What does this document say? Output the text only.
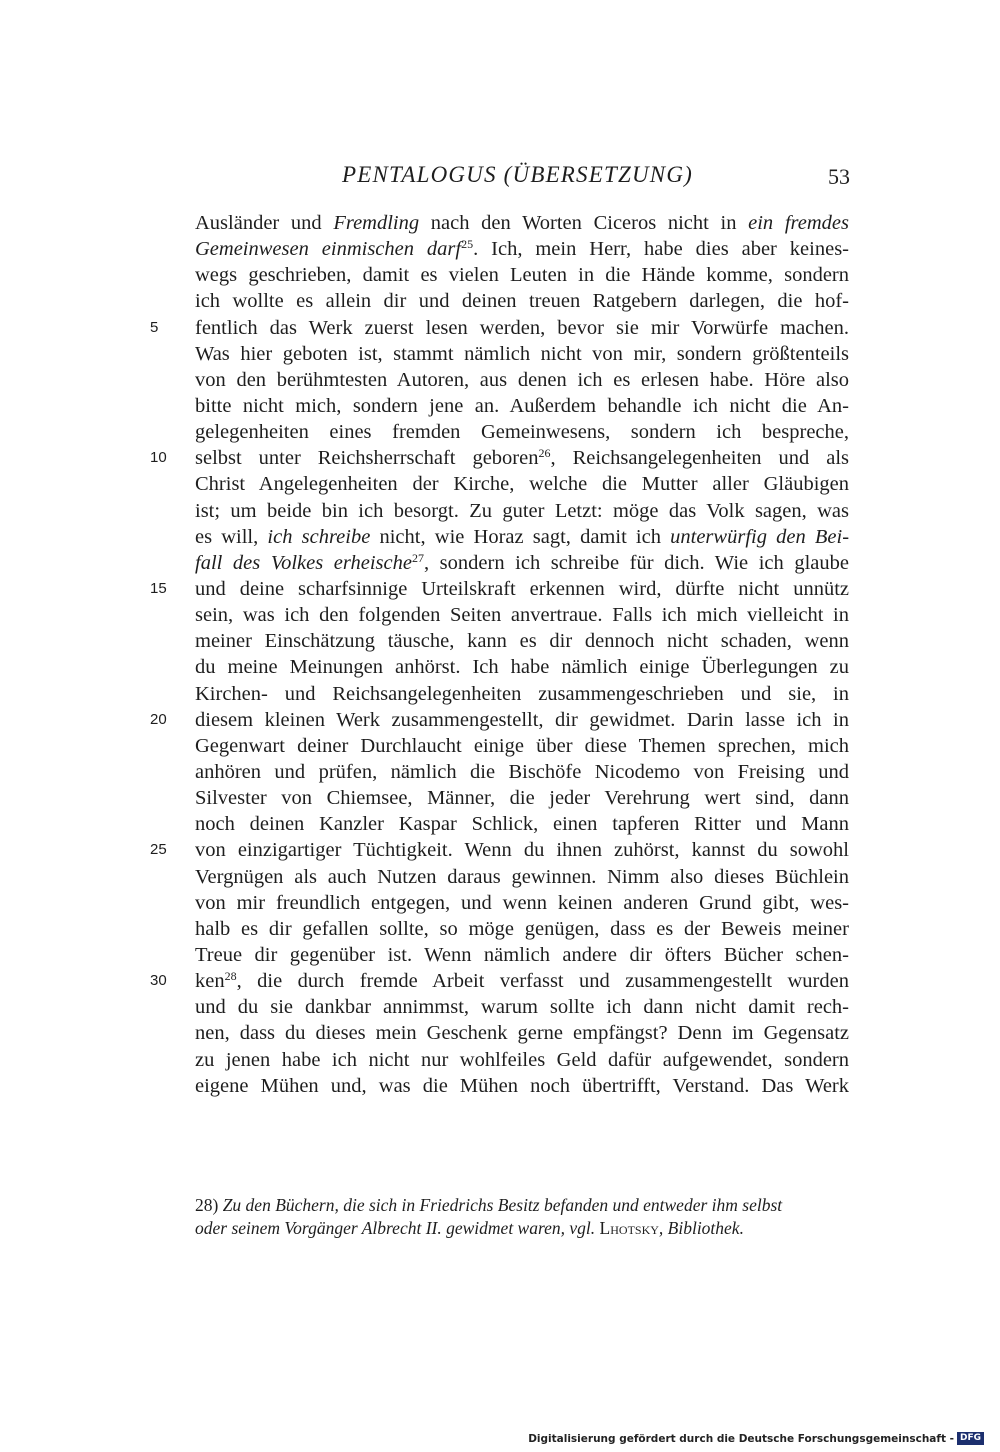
PENTALOGUS (ÜBERSETZUNG)	53
Ausländer und Fremdling nach den Worten Ciceros nicht in ein fremdes
Gemeinwesen einmischen darf$^{25}$. Ich, mein Herr, habe dies aber keines-
wegs geschrieben, damit es vielen Leuten in die Hände komme, sondern
ich wollte es allein dir und deinen treuen Ratgebern darlegen, die hof-
5	fentlich das Werk zuerst lesen werden, bevor sie mir Vorwürfe machen.
Was hier geboten ist, stammt nämlich nicht von mir, sondern größtenteils
von den berühmtesten Autoren, aus denen ich es erlesen habe. Höre also
bitte nicht mich, sondern jene an. Außerdem behandle ich nicht die An-
gelegenheiten eines fremden Gemeinwesens, sondern ich bespreche,
10	selbst unter Reichsherrschaft geboren$^{26}$, Reichsangelegenheiten und als
Christ Angelegenheiten der Kirche, welche die Mutter aller Gläubigen
ist; um beide bin ich besorgt. Zu guter Letzt: möge das Volk sagen, was
es will, ich schreibe nicht, wie Horaz sagt, damit ich unterwürfig den Bei-
fall des Volkes erheische$^{27}$, sondern ich schreibe für dich. Wie ich glaube
15	und deine scharfsinnige Urteilskraft erkennen wird, dürfte nicht unnütz
sein, was ich den folgenden Seiten anvertraue. Falls ich mich vielleicht in
meiner Einschätzung täusche, kann es dir dennoch nicht schaden, wenn
du meine Meinungen anhörst. Ich habe nämlich einige Überlegungen zu
Kirchen- und Reichsangelegenheiten zusammengeschrieben und sie, in
20	diesem kleinen Werk zusammengestellt, dir gewidmet. Darin lasse ich in
Gegenwart deiner Durchlaucht einige über diese Themen sprechen, mich
anhören und prüfen, nämlich die Bischöfe Nicodemo von Freising und
Silvester von Chiemsee, Männer, die jeder Verehrung wert sind, dann
noch deinen Kanzler Kaspar Schlick, einen tapferen Ritter und Mann
25	von einzigartiger Tüchtigkeit. Wenn du ihnen zuhörst, kannst du sowohl
Vergnügen als auch Nutzen daraus gewinnen. Nimm also dieses Büchlein
von mir freundlich entgegen, und wenn keinen anderen Grund gibt, wes-
halb es dir gefallen sollte, so möge genügen, dass es der Beweis meiner
Treue dir gegenüber ist. Wenn nämlich andere dir öfters Bücher schen-
30	ken$^{28}$, die durch fremde Arbeit verfasst und zusammengestellt wurden
und du sie dankbar annimmst, warum sollte ich dann nicht damit rech-
nen, dass du dieses mein Geschenk gerne empfängst? Denn im Gegensatz
zu jenen habe ich nicht nur wohlfeiles Geld dafür aufgewendet, sondern
eigene Mühen und, was die Mühen noch übertrifft, Verstand. Das Werk
28) Zu den Büchern, die sich in Friedrichs Besitz befanden und entweder ihm selbst
oder seinem Vorgänger Albrecht II. gewidmet waren, vgl. Lhotsky, Bibliothek.
Digitalisierung gefördert durch die Deutsche Forschungsgemeinschaft - DFG
